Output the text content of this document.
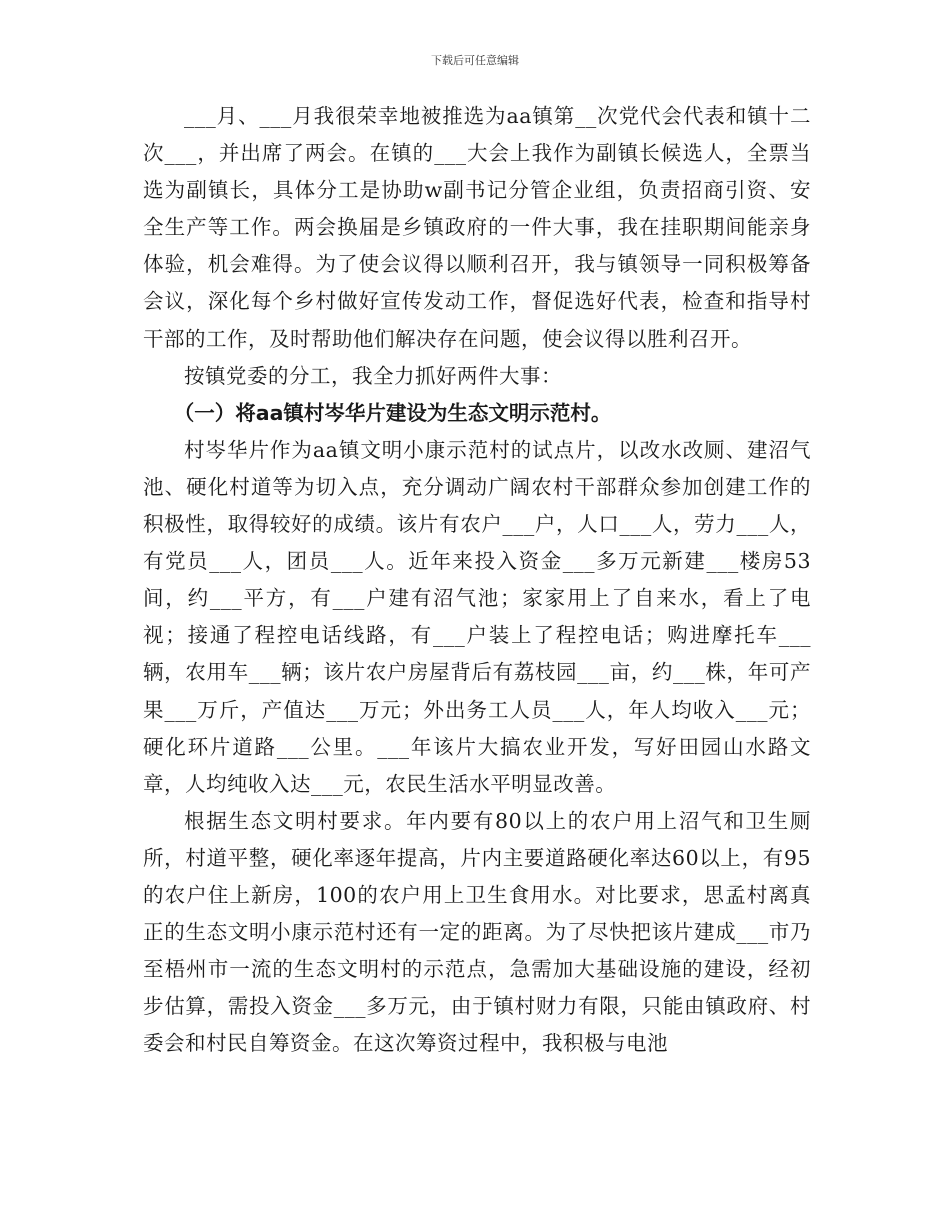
下载后可任意编辑

___月、___月我很荣幸地被推选为aa镇第__次党代会代表和镇十二次___，并出席了两会。在镇的___大会上我作为副镇长候选人，全票当选为副镇长，具体分工是协助w副书记分管企业组，负责招商引资、安全生产等工作。两会换届是乡镇政府的一件大事，我在挂职期间能亲身体验，机会难得。为了使会议得以顺利召开，我与镇领导一同积极筹备会议，深化每个乡村做好宣传发动工作，督促选好代表，检查和指导村干部的工作，及时帮助他们解决存在问题，使会议得以胜利召开。

按镇党委的分工，我全力抓好两件大事：

（一）将aa镇村岑华片建设为生态文明示范村。

村岑华片作为aa镇文明小康示范村的试点片，以改水改厕、建沼气池、硬化村道等为切入点，充分调动广阔农村干部群众参加创建工作的积极性，取得较好的成绩。该片有农户___户，人口___人，劳力___人，有党员___人，团员___人。近年来投入资金___多万元新建___楼房53间，约___平方，有___户建有沼气池；家家用上了自来水，看上了电视；接通了程控电话线路，有___户装上了程控电话；购进摩托车___辆，农用车___辆；该片农户房屋背后有荔枝园___亩，约___株，年可产果___万斤，产值达___万元；外出务工人员___人，年人均收入___元；硬化环片道路___公里。___年该片大搞农业开发，写好田园山水路文章，人均纯收入达___元，农民生活水平明显改善。

根据生态文明村要求。年内要有80以上的农户用上沼气和卫生厕所，村道平整，硬化率逐年提高，片内主要道路硬化率达60以上，有95的农户住上新房，100的农户用上卫生食用水。对比要求，思孟村离真正的生态文明小康示范村还有一定的距离。为了尽快把该片建成___市乃至梧州市一流的生态文明村的示范点，急需加大基础设施的建设，经初步估算，需投入资金___多万元，由于镇村财力有限，只能由镇政府、村委会和村民自筹资金。在这次筹资过程中，我积极与电池
